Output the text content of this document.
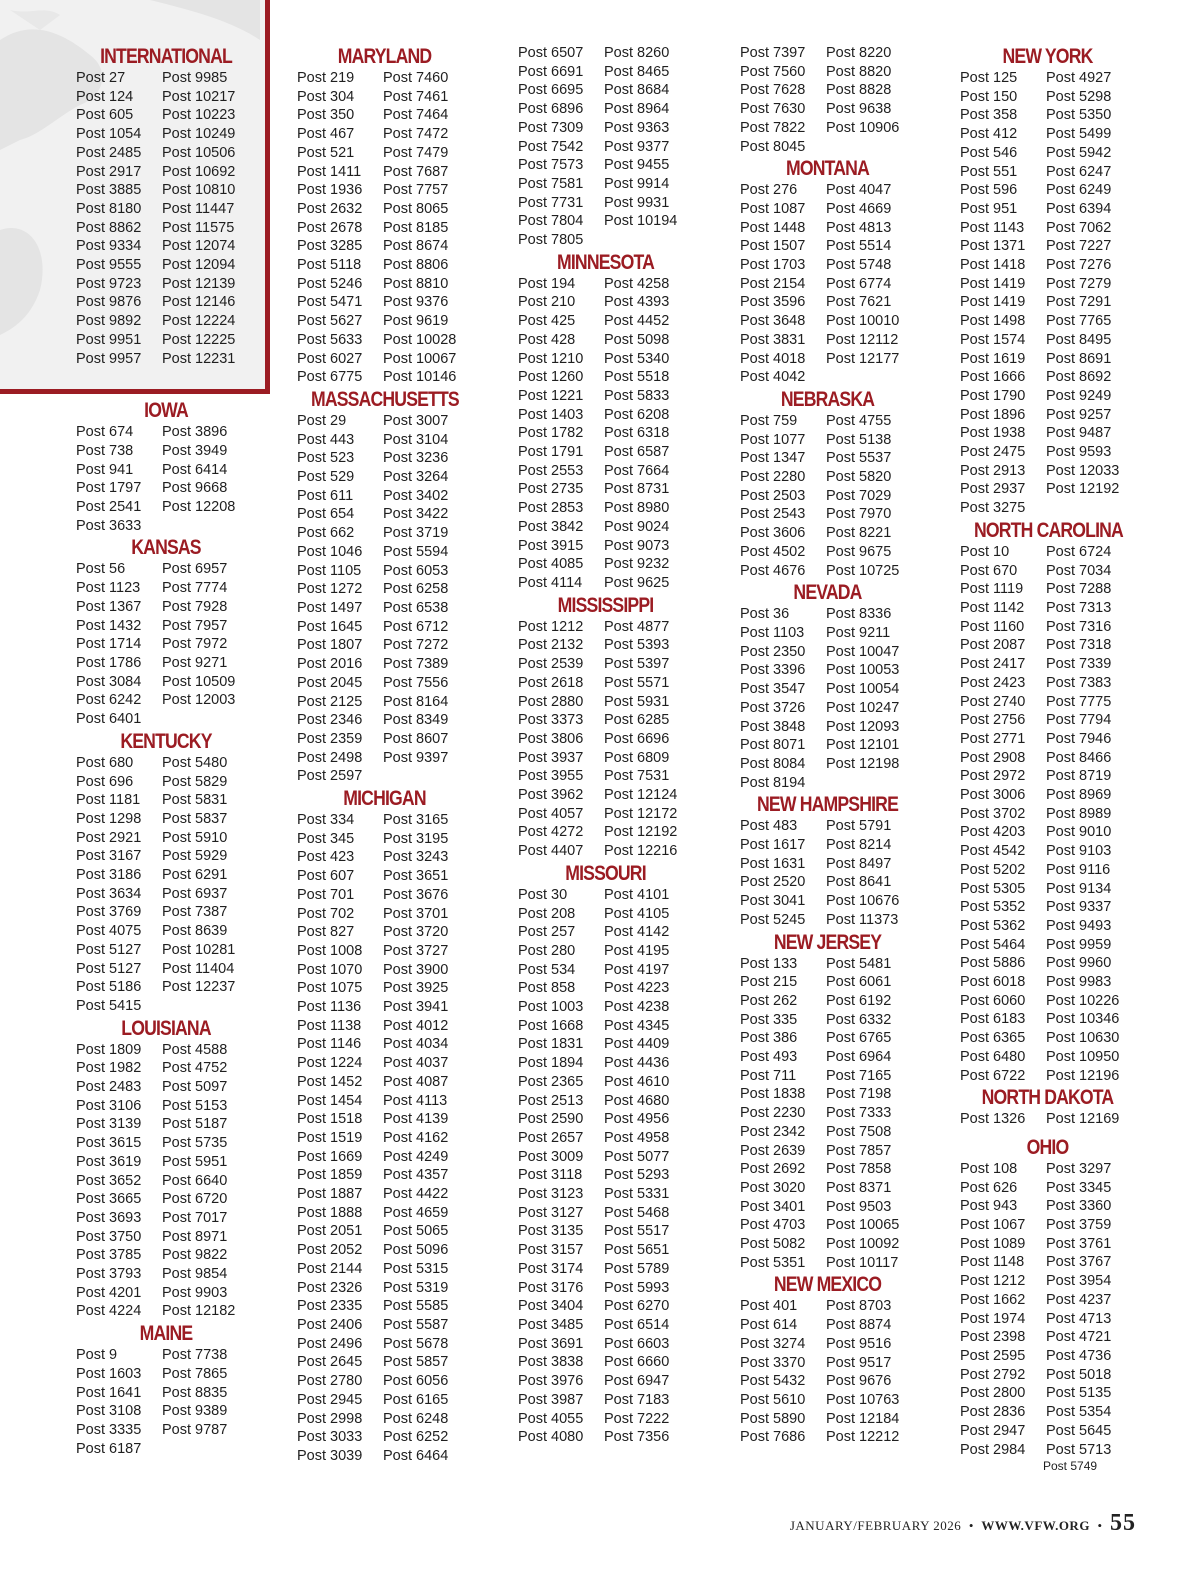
INTERNATIONAL
Post 27
Post 124
Post 605
Post 1054
Post 2485
Post 2917
Post 3885
Post 8180
Post 8862
Post 9334
Post 9555
Post 9723
Post 9876
Post 9892
Post 9951
Post 9957
Post 9985
Post 10217
Post 10223
Post 10249
Post 10506
Post 10692
Post 10810
Post 11447
Post 11575
Post 12074
Post 12094
Post 12139
Post 12146
Post 12224
Post 12225
Post 12231
IOWA
Post 674
Post 738
Post 941
Post 1797
Post 2541
Post 3633
Post 3896
Post 3949
Post 6414
Post 9668
Post 12208
KANSAS
Post 56
Post 1123
Post 1367
Post 1432
Post 1714
Post 1786
Post 3084
Post 6242
Post 6401
Post 6957
Post 7774
Post 7928
Post 7957
Post 7972
Post 9271
Post 10509
Post 12003
KENTUCKY
Post 680
Post 696
Post 1181
Post 1298
Post 2921
Post 3167
Post 3186
Post 3634
Post 3769
Post 4075
Post 5127
Post 5127
Post 5186
Post 5415
Post 5480
Post 5829
Post 5831
Post 5837
Post 5910
Post 5929
Post 6291
Post 6937
Post 7387
Post 8639
Post 10281
Post 11404
Post 12237
LOUISIANA
Post 1809
Post 1982
Post 2483
Post 3106
Post 3139
Post 3615
Post 3619
Post 3652
Post 3665
Post 3693
Post 3750
Post 3785
Post 3793
Post 4201
Post 4224
Post 4588
Post 4752
Post 5097
Post 5153
Post 5187
Post 5735
Post 5951
Post 6640
Post 6720
Post 7017
Post 8971
Post 9822
Post 9854
Post 9903
Post 12182
MAINE
Post 9
Post 1603
Post 1641
Post 3108
Post 3335
Post 6187
Post 7738
Post 7865
Post 8835
Post 9389
Post 9787
MARYLAND
Post 219
Post 304
Post 350
Post 467
Post 521
Post 1411
Post 1936
Post 2632
Post 2678
Post 3285
Post 5118
Post 5246
Post 5471
Post 5627
Post 5633
Post 6027
Post 6775
Post 7460
Post 7461
Post 7464
Post 7472
Post 7479
Post 7687
Post 7757
Post 8065
Post 8185
Post 8674
Post 8806
Post 8810
Post 9376
Post 9619
Post 10028
Post 10067
Post 10146
MASSACHUSETTS
Post 29
Post 443
Post 523
Post 529
Post 611
Post 654
Post 662
Post 1046
Post 1105
Post 1272
Post 1497
Post 1645
Post 1807
Post 2016
Post 2045
Post 2125
Post 2346
Post 2359
Post 2498
Post 2597
Post 3007
Post 3104
Post 3236
Post 3264
Post 3402
Post 3422
Post 3719
Post 5594
Post 6053
Post 6258
Post 6538
Post 6712
Post 7272
Post 7389
Post 7556
Post 8164
Post 8349
Post 8607
Post 9397
MICHIGAN
Post 334
Post 345
Post 423
Post 607
Post 701
Post 702
Post 827
Post 1008
Post 1070
Post 1075
Post 1136
Post 1138
Post 1146
Post 1224
Post 1452
Post 1454
Post 1518
Post 1519
Post 1669
Post 1859
Post 1887
Post 1888
Post 2051
Post 2052
Post 2144
Post 2326
Post 2335
Post 2406
Post 2496
Post 2645
Post 2780
Post 2945
Post 2998
Post 3033
Post 3039
Post 3165
Post 3195
Post 3243
Post 3651
Post 3676
Post 3701
Post 3720
Post 3727
Post 3900
Post 3925
Post 3941
Post 4012
Post 4034
Post 4037
Post 4087
Post 4113
Post 4139
Post 4162
Post 4249
Post 4357
Post 4422
Post 4659
Post 5065
Post 5096
Post 5315
Post 5319
Post 5585
Post 5587
Post 5678
Post 5857
Post 6056
Post 6165
Post 6248
Post 6252
Post 6464
Post 6507
Post 6691
Post 6695
Post 6896
Post 7309
Post 7542
Post 7573
Post 7581
Post 7731
Post 7804
Post 7805
Post 8260
Post 8465
Post 8684
Post 8964
Post 9363
Post 9377
Post 9455
Post 9914
Post 9931
Post 10194
MINNESOTA
Post 194
Post 210
Post 425
Post 428
Post 1210
Post 1260
Post 1221
Post 1403
Post 1782
Post 1791
Post 2553
Post 2735
Post 2853
Post 3842
Post 3915
Post 4085
Post 4114
Post 4258
Post 4393
Post 4452
Post 5098
Post 5340
Post 5518
Post 5833
Post 6208
Post 6318
Post 6587
Post 7664
Post 8731
Post 8980
Post 9024
Post 9073
Post 9232
Post 9625
MISSISSIPPI
Post 1212
Post 2132
Post 2539
Post 2618
Post 2880
Post 3373
Post 3806
Post 3937
Post 3955
Post 3962
Post 4057
Post 4272
Post 4407
Post 4877
Post 5393
Post 5397
Post 5571
Post 5931
Post 6285
Post 6696
Post 6809
Post 7531
Post 12124
Post 12172
Post 12192
Post 12216
MISSOURI
Post 30
Post 208
Post 257
Post 280
Post 534
Post 858
Post 1003
Post 1668
Post 1831
Post 1894
Post 2365
Post 2513
Post 2590
Post 2657
Post 3009
Post 3118
Post 3123
Post 3127
Post 3135
Post 3157
Post 3174
Post 3176
Post 3404
Post 3485
Post 3691
Post 3838
Post 3976
Post 3987
Post 4055
Post 4080
Post 4101
Post 4105
Post 4142
Post 4195
Post 4197
Post 4223
Post 4238
Post 4345
Post 4409
Post 4436
Post 4610
Post 4680
Post 4956
Post 4958
Post 5077
Post 5293
Post 5331
Post 5468
Post 5517
Post 5651
Post 5789
Post 5993
Post 6270
Post 6514
Post 6603
Post 6660
Post 6947
Post 7183
Post 7222
Post 7356
Post 7397
Post 7560
Post 7628
Post 7630
Post 7822
Post 8045
Post 8220
Post 8820
Post 8828
Post 9638
Post 10906
MONTANA
Post 276
Post 1087
Post 1448
Post 1507
Post 1703
Post 2154
Post 3596
Post 3648
Post 3831
Post 4018
Post 4042
Post 4047
Post 4669
Post 4813
Post 5514
Post 5748
Post 6774
Post 7621
Post 10010
Post 12112
Post 12177
NEBRASKA
Post 759
Post 1077
Post 1347
Post 2280
Post 2503
Post 2543
Post 3606
Post 4502
Post 4676
Post 4755
Post 5138
Post 5537
Post 5820
Post 7029
Post 7970
Post 8221
Post 9675
Post 10725
NEVADA
Post 36
Post 1103
Post 2350
Post 3396
Post 3547
Post 3726
Post 3848
Post 8071
Post 8084
Post 8194
Post 8336
Post 9211
Post 10047
Post 10053
Post 10054
Post 10247
Post 12093
Post 12101
Post 12198
NEW HAMPSHIRE
Post 483
Post 1617
Post 1631
Post 2520
Post 3041
Post 5245
Post 5791
Post 8214
Post 8497
Post 8641
Post 10676
Post 11373
NEW JERSEY
Post 133
Post 215
Post 262
Post 335
Post 386
Post 493
Post 711
Post 1838
Post 2230
Post 2342
Post 2639
Post 2692
Post 3020
Post 3401
Post 4703
Post 5082
Post 5351
Post 5481
Post 6061
Post 6192
Post 6332
Post 6765
Post 6964
Post 7165
Post 7198
Post 7333
Post 7508
Post 7857
Post 7858
Post 8371
Post 9503
Post 10065
Post 10092
Post 10117
NEW MEXICO
Post 401
Post 614
Post 3274
Post 3370
Post 5432
Post 5610
Post 5890
Post 7686
Post 8703
Post 8874
Post 9516
Post 9517
Post 9676
Post 10763
Post 12184
Post 12212
NEW YORK
Post 125
Post 150
Post 358
Post 412
Post 546
Post 551
Post 596
Post 951
Post 1143
Post 1371
Post 1418
Post 1419
Post 1419
Post 1498
Post 1574
Post 1619
Post 1666
Post 1790
Post 1896
Post 1938
Post 2475
Post 2913
Post 2937
Post 3275
Post 4927
Post 5298
Post 5350
Post 5499
Post 5942
Post 6247
Post 6249
Post 6394
Post 7062
Post 7227
Post 7276
Post 7279
Post 7291
Post 7765
Post 8495
Post 8691
Post 8692
Post 9249
Post 9257
Post 9487
Post 9593
Post 12033
Post 12192
NORTH CAROLINA
Post 10
Post 670
Post 1119
Post 1142
Post 1160
Post 2087
Post 2417
Post 2423
Post 2740
Post 2756
Post 2771
Post 2908
Post 2972
Post 3006
Post 3702
Post 4203
Post 4542
Post 5202
Post 5305
Post 5352
Post 5362
Post 5464
Post 5886
Post 6018
Post 6060
Post 6183
Post 6365
Post 6480
Post 6722
Post 6724
Post 7034
Post 7288
Post 7313
Post 7316
Post 7318
Post 7339
Post 7383
Post 7775
Post 7794
Post 7946
Post 8466
Post 8719
Post 8969
Post 8989
Post 9010
Post 9103
Post 9116
Post 9134
Post 9337
Post 9493
Post 9959
Post 9960
Post 9983
Post 10226
Post 10346
Post 10630
Post 10950
Post 12196
NORTH DAKOTA
Post 1326	Post 12169
OHIO
Post 108
Post 626
Post 943
Post 1067
Post 1089
Post 1148
Post 1212
Post 1662
Post 1974
Post 2398
Post 2595
Post 2792
Post 2800
Post 2836
Post 2947
Post 2984
Post 3297
Post 3345
Post 3360
Post 3759
Post 3761
Post 3767
Post 3954
Post 4237
Post 4713
Post 4721
Post 4736
Post 5018
Post 5135
Post 5354
Post 5645
Post 5713
Post 5749
JANUARY/FEBRUARY 2026  •  WWW.VFW.ORG  •  55
